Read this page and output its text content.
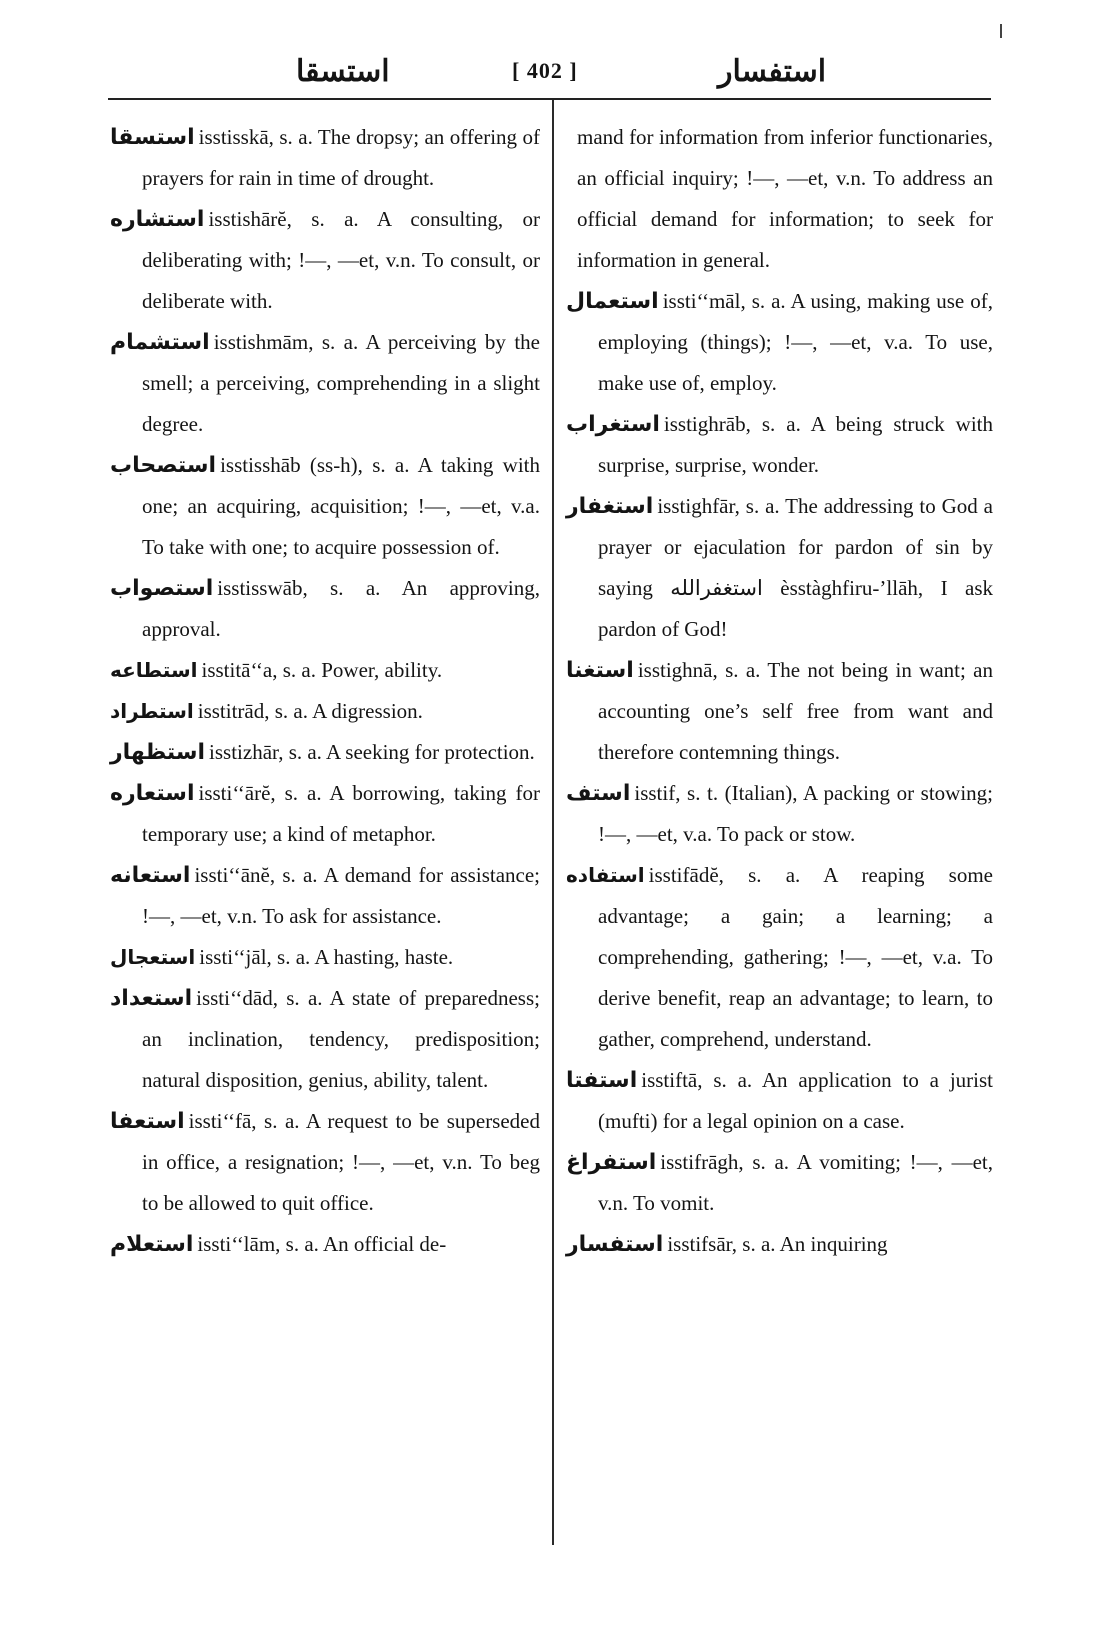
استسقا	[ 402 ]	استفسار

استسقا isstisskā, s. a. The dropsy; an offering of prayers for rain in time of drought.

استشاره isstishārĕ, s. a. A consulting, or deliberating with; !—, —et, v.n. To consult, or deliberate with.

استشمام isstishmām, s. a. A perceiving by the smell; a perceiving, comprehending in a slight degree.

استصحاب isstisshāb (ss-h), s. a. A taking with one; an acquiring, acquisition; !—, —et, v.a. To take with one; to acquire possession of.

استصواب isstisswāb, s. a. An approving, approval.

استطاعه isstitā‘‘a, s. a. Power, ability.

استطراد isstitrād, s. a. A digression.

استظهار isstizhār, s. a. A seeking for protection.

استعاره issti‘‘ārĕ, s. a. A borrowing, taking for temporary use; a kind of metaphor.

استعانه issti‘‘ānĕ, s. a. A demand for assistance; !—, —et, v.n. To ask for assistance.

استعجال issti‘‘jāl, s. a. A hasting, haste.

استعداد issti‘‘dād, s. a. A state of preparedness; an inclination, tendency, predisposition; natural disposition, genius, ability, talent.

استعفا issti‘‘fā, s. a. A request to be superseded in office, a resignation; !—, —et, v.n. To beg to be allowed to quit office.

استعلام issti‘‘lām, s. a. An official de-

mand for information from inferior functionaries, an official inquiry; !—, —et, v.n. To address an official demand for information; to seek for information in general.

استعمال issti‘‘māl, s. a. A using, making use of, employing (things); !—, —et, v.a. To use, make use of, employ.

استغراب isstighrāb, s. a. A being struck with surprise, surprise, wonder.

استغفار isstighfār, s. a. The addressing to God a prayer or ejaculation for pardon of sin by saying استغفرالله èsstàghfiru-’llāh, I ask pardon of God!

استغنا isstighnā, s. a. The not being in want; an accounting one’s self free from want and therefore contemning things.

استف isstif, s. t. (Italian), A packing or stowing; !—, —et, v.a. To pack or stow.

استفاده isstifādĕ, s. a. A reaping some advantage; a gain; a learning; a comprehending, gathering; !—, —et, v.a. To derive benefit, reap an advantage; to learn, to gather, comprehend, understand.

استفتا isstiftā, s. a. An application to a jurist (mufti) for a legal opinion on a case.

استفراغ isstifrāgh, s. a. A vomiting; !—, —et, v.n. To vomit.

استفسار isstifsār, s. a. An inquiring
